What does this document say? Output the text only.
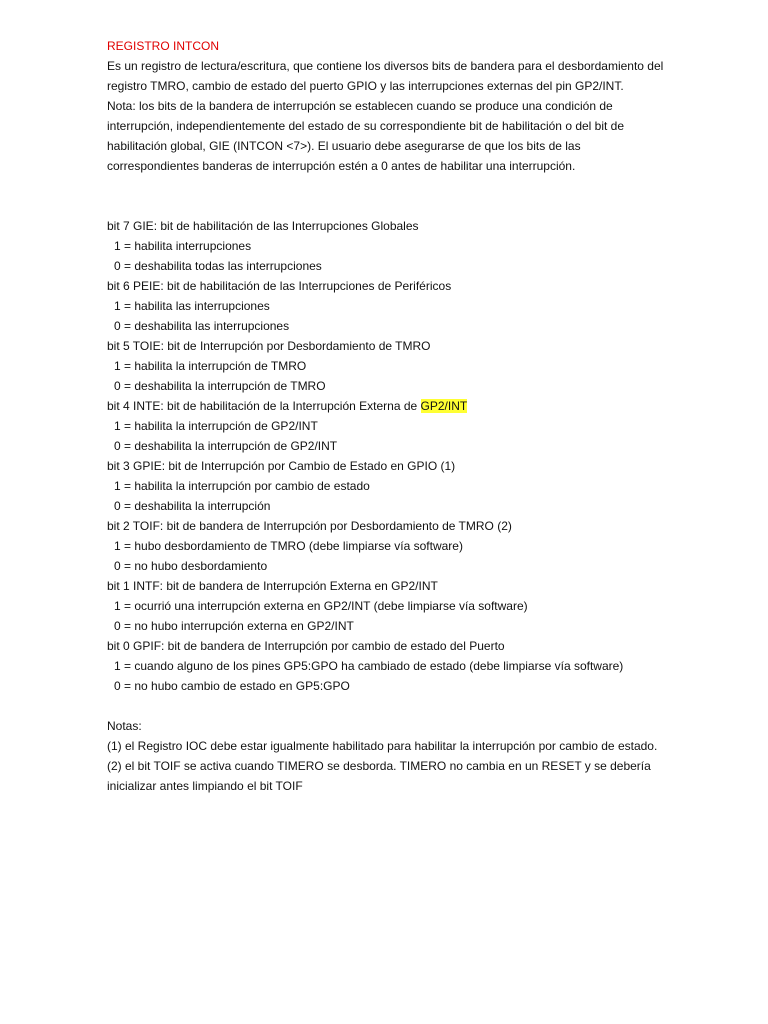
REGISTRO INTCON

Es un registro de lectura/escritura, que contiene los diversos bits de bandera para el desbordamiento del registro TMRO, cambio de estado del puerto GPIO y las interrupciones externas del pin GP2/INT.

Nota: los bits de la bandera de interrupción se establecen cuando se produce una condición de interrupción, independientemente del estado de su correspondiente bit de habilitación o del bit de habilitación global, GIE (INTCON <7>). El usuario debe asegurarse de que los bits de las correspondientes banderas de interrupción estén a 0 antes de habilitar una interrupción.

bit 7 GIE: bit de habilitación de las Interrupciones Globales

1 = habilita interrupciones

0 = deshabilita todas las interrupciones

bit 6 PEIE: bit de habilitación de las Interrupciones de Periféricos

1 = habilita las interrupciones

0 = deshabilita las interrupciones

bit 5 TOIE: bit de Interrupción por Desbordamiento de TMRO

1 = habilita la interrupción de TMRO

0 = deshabilita la interrupción de TMRO

bit 4 INTE: bit de habilitación de la Interrupción Externa de GP2/INT

1 = habilita la interrupción de GP2/INT

0 = deshabilita la interrupción de GP2/INT

bit 3 GPIE: bit de Interrupción por Cambio de Estado en GPIO (1)

1 = habilita la interrupción por cambio de estado

0 = deshabilita la interrupción

bit 2 TOIF: bit de bandera de Interrupción por Desbordamiento de TMRO (2)

1 = hubo desbordamiento de TMRO (debe limpiarse vía software)

0 = no hubo desbordamiento

bit 1 INTF: bit de bandera de Interrupción Externa en GP2/INT

1 = ocurrió una interrupción externa en GP2/INT (debe limpiarse vía software)

0 = no hubo interrupción externa en GP2/INT

bit 0 GPIF: bit de bandera de Interrupción por cambio de estado del Puerto

1 = cuando alguno de los pines GP5:GPO ha cambiado de estado (debe limpiarse vía software)

0 = no hubo cambio de estado en GP5:GPO

Notas:

(1) el Registro IOC debe estar igualmente habilitado para habilitar la interrupción por cambio de estado.

(2) el bit TOIF se activa cuando TIMERO se desborda. TIMERO no cambia en un RESET y se debería inicializar antes limpiando el bit TOIF
